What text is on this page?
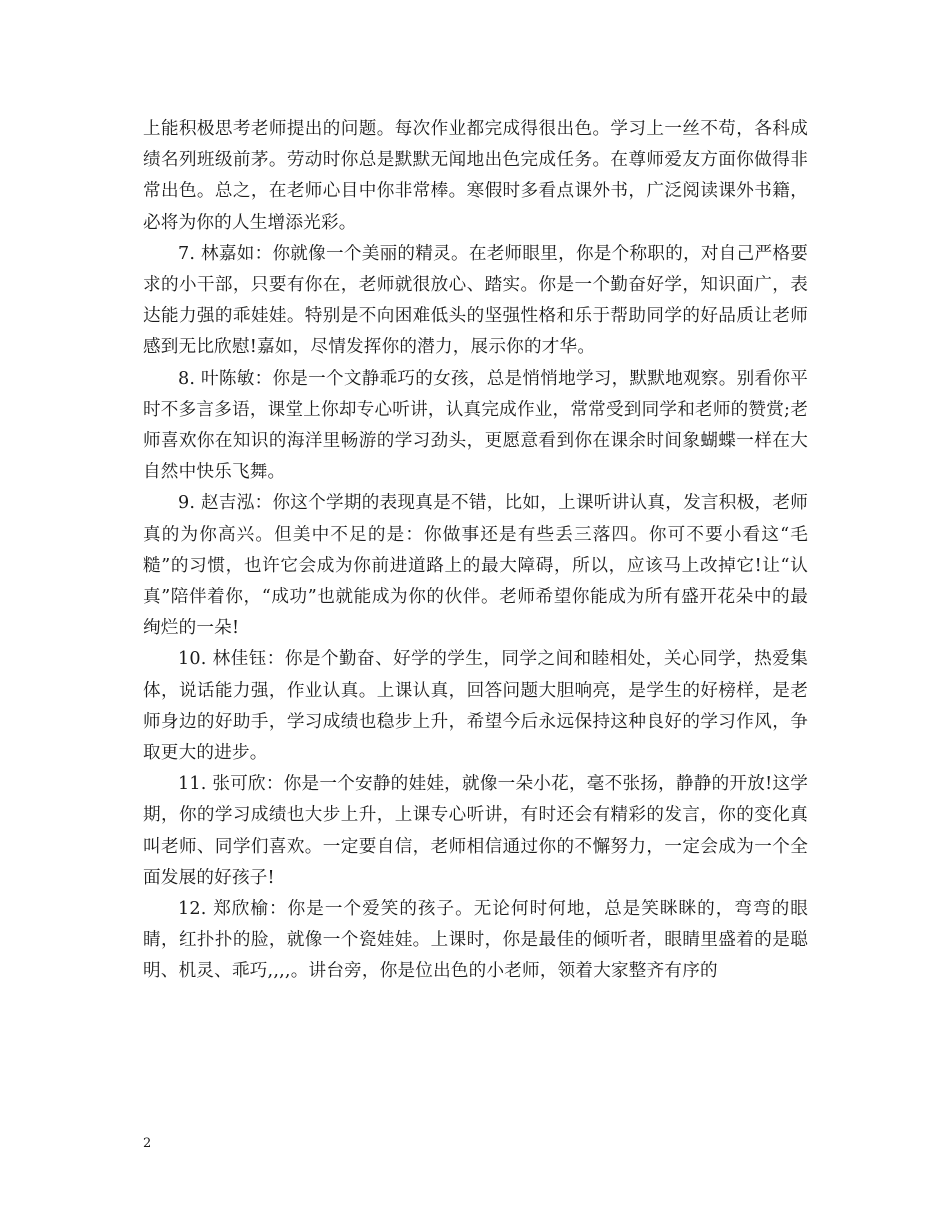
上能积极思考老师提出的问题。每次作业都完成得很出色。学习上一丝不苟，各科成绩名列班级前茅。劳动时你总是默默无闻地出色完成任务。在尊师爱友方面你做得非常出色。总之，在老师心目中你非常棒。寒假时多看点课外书，广泛阅读课外书籍，必将为你的人生增添光彩。

7. 林嘉如：你就像一个美丽的精灵。在老师眼里，你是个称职的，对自己严格要求的小干部，只要有你在，老师就很放心、踏实。你是一个勤奋好学，知识面广，表达能力强的乖娃娃。特别是不向困难低头的坚强性格和乐于帮助同学的好品质让老师感到无比欣慰!嘉如，尽情发挥你的潜力，展示你的才华。

8. 叶陈敏：你是一个文静乖巧的女孩，总是悄悄地学习，默默地观察。别看你平时不多言多语，课堂上你却专心听讲，认真完成作业，常常受到同学和老师的赞赏;老师喜欢你在知识的海洋里畅游的学习劲头，更愿意看到你在课余时间象蝴蝶一样在大自然中快乐飞舞。

9. 赵吉泓：你这个学期的表现真是不错，比如，上课听讲认真，发言积极，老师真的为你高兴。但美中不足的是：你做事还是有些丢三落四。你可不要小看这“毛糙”的习惯，也许它会成为你前进道路上的最大障碍，所以，应该马上改掉它!让“认真”陪伴着你，“成功”也就能成为你的伙伴。老师希望你能成为所有盛开花朵中的最绚烂的一朵!

10. 林佳钰：你是个勤奋、好学的学生，同学之间和睦相处，关心同学，热爱集体，说话能力强，作业认真。上课认真，回答问题大胆响亮，是学生的好榜样，是老师身边的好助手，学习成绩也稳步上升，希望今后永远保持这种良好的学习作风，争取更大的进步。

11. 张可欣：你是一个安静的娃娃，就像一朵小花，毫不张扬，静静的开放!这学期，你的学习成绩也大步上升，上课专心听讲，有时还会有精彩的发言，你的变化真叫老师、同学们喜欢。一定要自信，老师相信通过你的不懈努力，一定会成为一个全面发展的好孩子!

12. 郑欣榆：你是一个爱笑的孩子。无论何时何地，总是笑眯眯的，弯弯的眼睛，红扑扑的脸，就像一个瓷娃娃。上课时，你是最佳的倾听者，眼睛里盛着的是聪明、机灵、乖巧,,,,。讲台旁，你是位出色的小老师，领着大家整齐有序的

2
